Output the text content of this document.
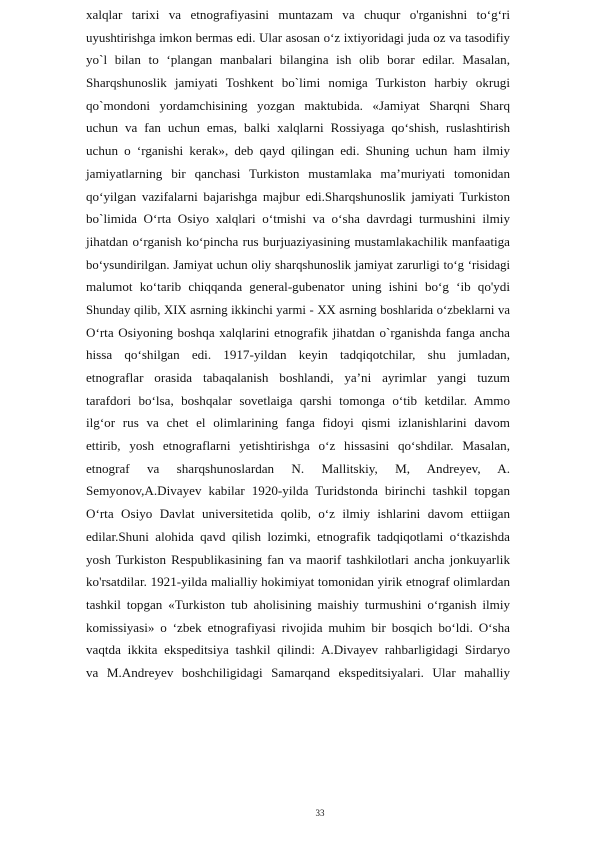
xalqlar tarixi va etnografiyasini muntazam va chuqur o'rganishni to‘g‘ri
uyushtirishga imkon bermas edi. Ular asosan o‘z ixtiyoridagi juda oz va tasodifiy
yo`l bilan to ‘plangan manbalari bilangina ish olib borar edilar. Masalan,
Sharqshunoslik jamiyati Toshkent bo`limi nomiga Turkiston harbiy okrugi
qo`mondoni yordamchisining yozgan maktubida. «Jamiyat Sharqni Sharq
uchun va fan uchun emas, balki xalqlarni Rossiyaga qo‘shish, ruslashtirish
uchun o ‘rganishi kerak», deb qayd qilingan edi. Shuning uchun ham ilmiy
jamiyatlarning bir qanchasi Turkiston mustamlaka ma’muriyati tomonidan
qo‘yilgan vazifalarni bajarishga majbur edi.Sharqshunoslik jamiyati Turkiston
bo`limida O‘rta Osiyo xalqlari o‘tmishi va o‘sha davrdagi turmushini ilmiy
jihatdan o‘rganish ko‘pincha rus burjuaziyasining mustamlakachilik manfaatiga
bo‘ysundirilgan. Jamiyat uchun oliy sharqshunoslik jamiyat zarurligi to‘g ‘risidagi
malumot ko‘tarib chiqqanda general-gubenator uning ishini bo‘g ‘ib qo'ydi
Shunday qilib, XIX asrning ikkinchi yarmi - XX asrning boshlarida o‘zbeklarni va
O‘rta Osiyoning boshqa xalqlarini etnografik jihatdan o`rganishda fanga ancha
hissa qo‘shilgan edi. 1917-yildan keyin tadqiqotchilar, shu jumladan,
etnograflar orasida tabaqalanish boshlandi, ya’ni ayrimlar yangi tuzum
tarafdori bo‘lsa, boshqalar sovetlaiga qarshi tomonga o‘tib ketdilar. Ammo
ilg‘or rus va chet el olimlarining fanga fidoyi qismi izlanishlarini davom
ettirib, yosh etnograflarni yetishtirishga o‘z hissasini qo‘shdilar. Masalan,
etnograf va sharqshunoslardan N. Mallitskiy, M, Andreyev, A.
Semyonov,A.Divayev kabilar 1920-yilda Turidstonda birinchi tashkil topgan
O‘rta Osiyo Davlat universitetida qolib, o‘z ilmiy ishlarini davom ettiigan
edilar.Shuni alohida qavd qilish lozimki, etnografik tadqiqotlami o‘tkazishda
yosh Turkiston Respublikasining fan va maorif tashkilotlari ancha jonkuyarlik
ko'rsatdilar. 1921-yilda malialliy hokimiyat tomonidan yirik etnograf olimlardan
tashkil topgan «Turkiston tub aholisining maishiy turmushini o‘rganish ilmiy
komissiyasi» o ‘zbek etnografiyasi rivojida muhim bir bosqich bo‘ldi. O‘sha
vaqtda ikkita ekspeditsiya tashkil qilindi: A.Divayev rahbarligidagi Sirdaryo
va M.Andreyev boshchiligidagi Samarqand ekspeditsiyalari. Ular mahalliy
33
